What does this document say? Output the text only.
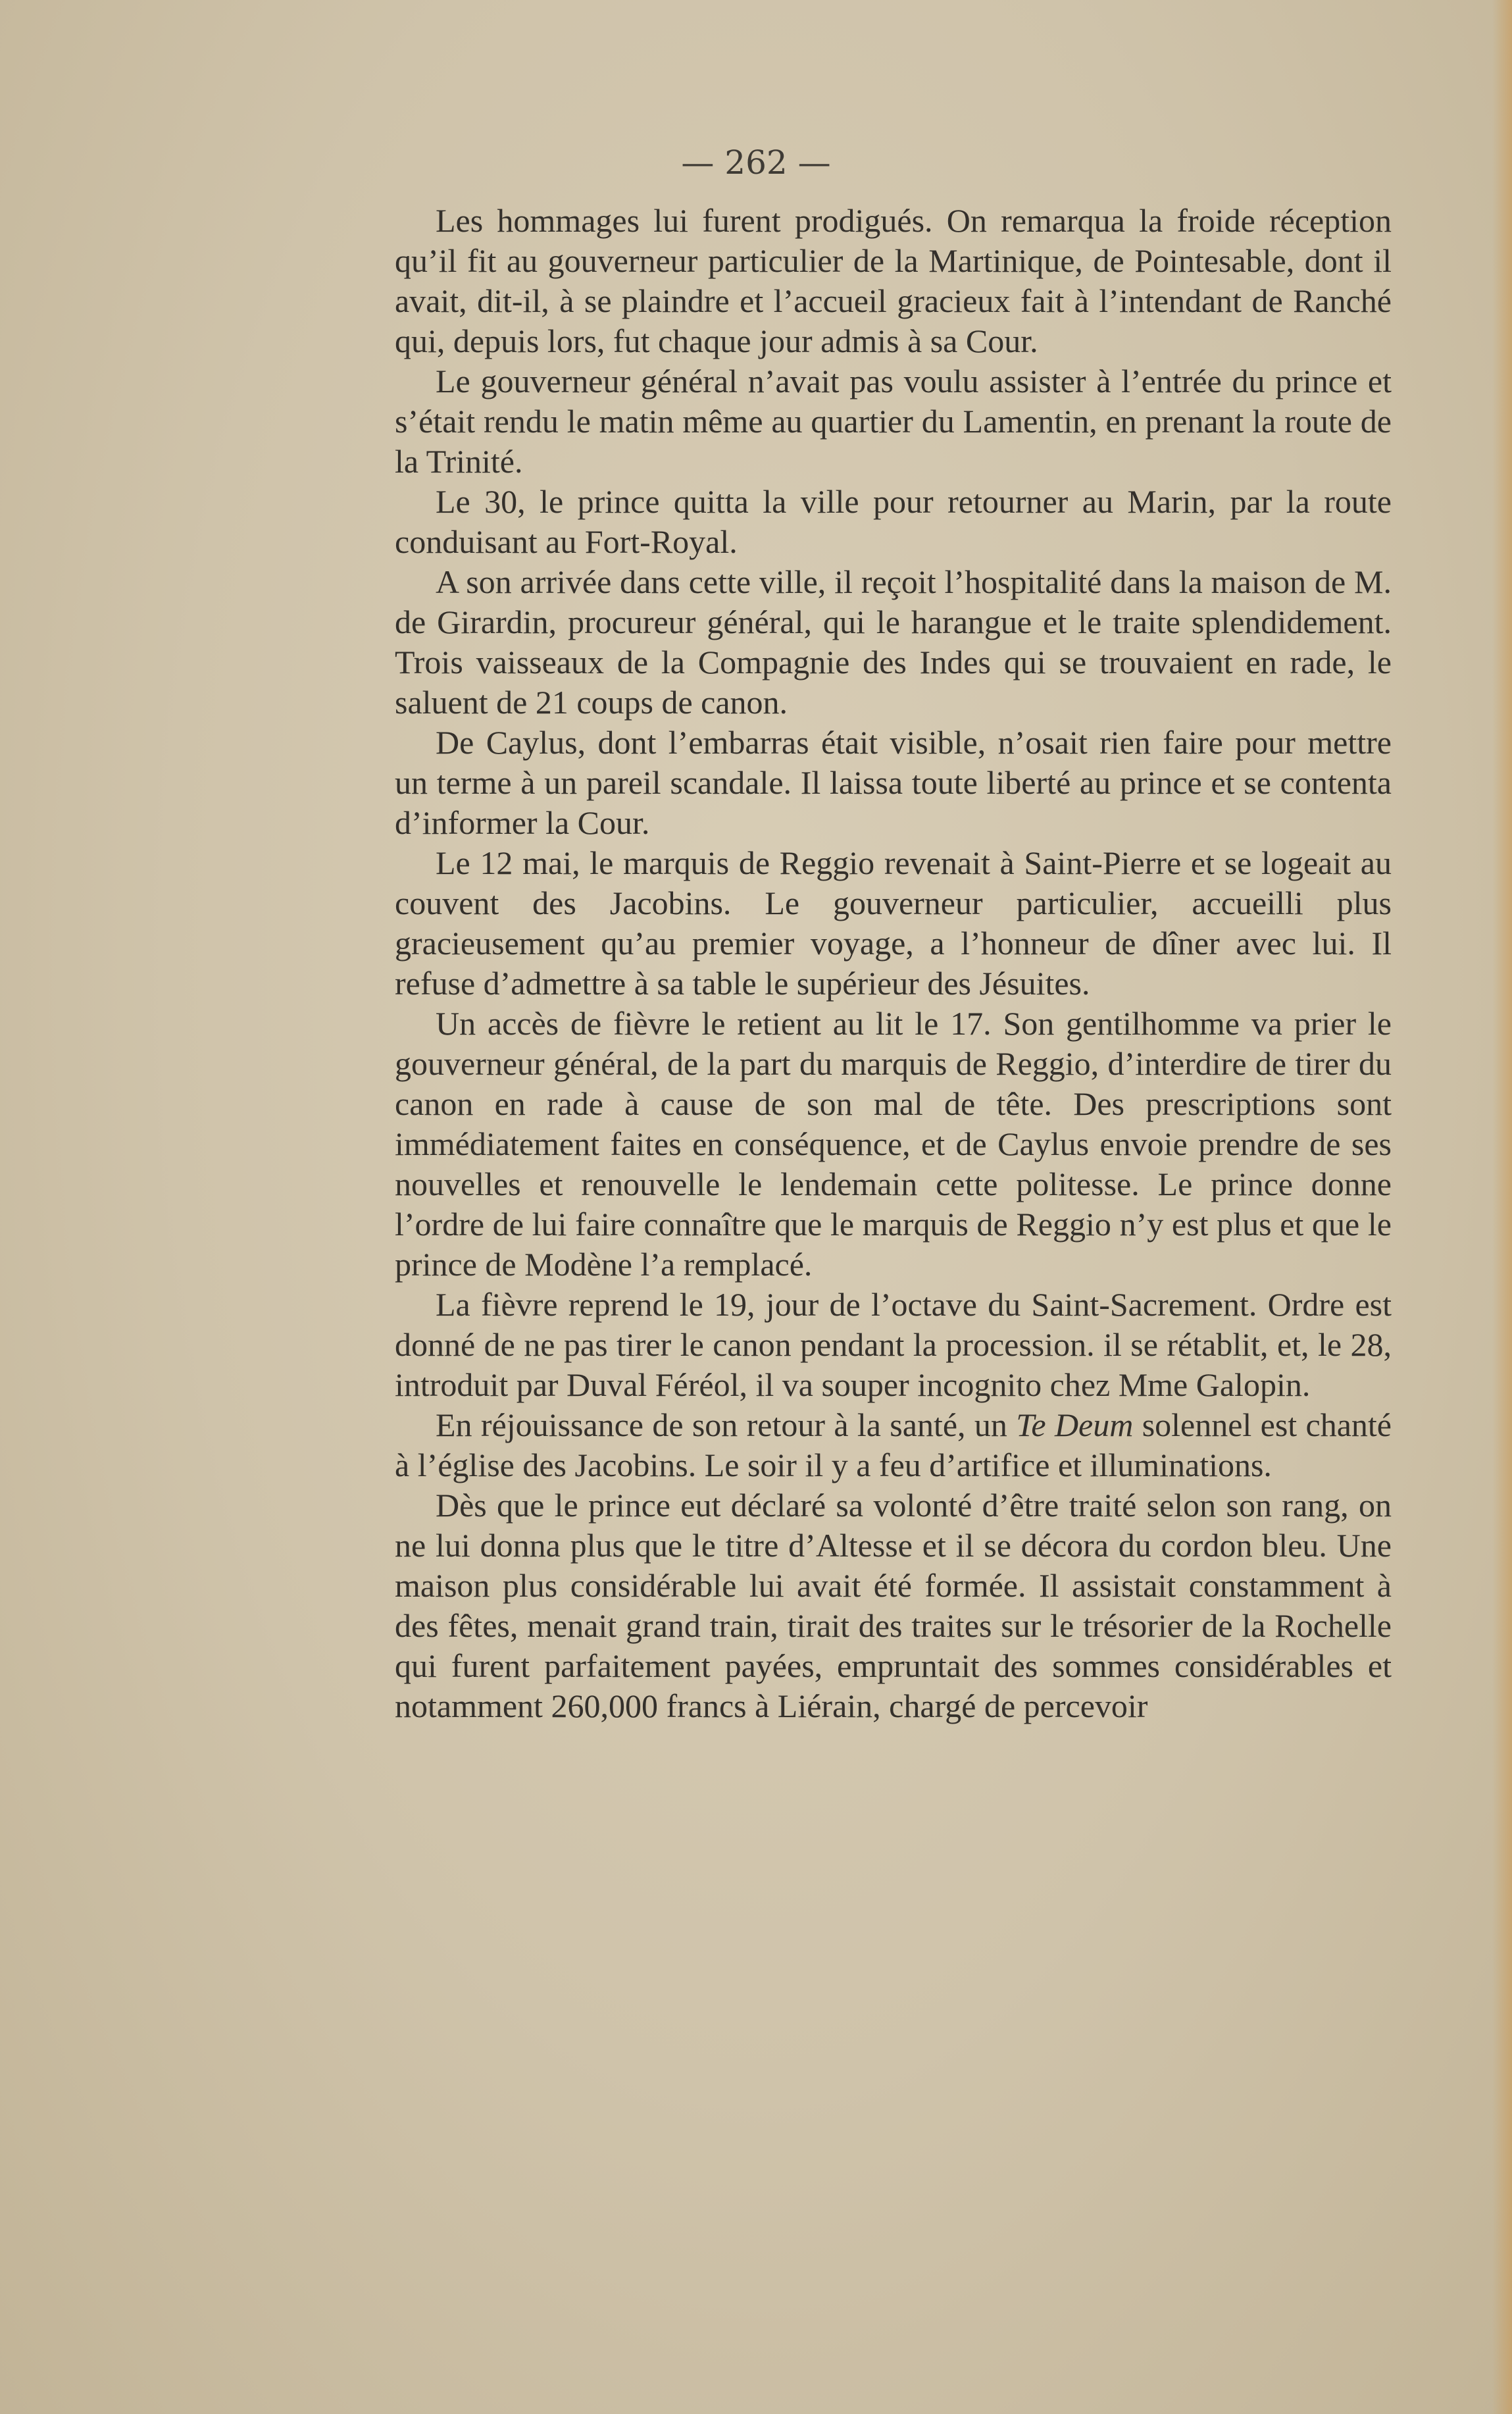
— 262 —

Les hommages lui furent prodigués. On remarqua la froide réception qu’il fit au gouverneur particulier de la Martinique, de Pointesable, dont il avait, dit-il, à se plaindre et l’accueil gracieux fait à l’intendant de Ranché qui, depuis lors, fut chaque jour admis à sa Cour.

Le gouverneur général n’avait pas voulu assister à l’entrée du prince et s’était rendu le matin même au quartier du Lamentin, en prenant la route de la Trinité.

Le 30, le prince quitta la ville pour retourner au Marin, par la route conduisant au Fort-Royal.

A son arrivée dans cette ville, il reçoit l’hospitalité dans la maison de M. de Girardin, procureur général, qui le harangue et le traite splendidement. Trois vaisseaux de la Compagnie des Indes qui se trouvaient en rade, le saluent de 21 coups de canon.

De Caylus, dont l’embarras était visible, n’osait rien faire pour mettre un terme à un pareil scandale. Il laissa toute liberté au prince et se contenta d’informer la Cour.

Le 12 mai, le marquis de Reggio revenait à Saint-Pierre et se logeait au couvent des Jacobins. Le gouverneur particulier, accueilli plus gracieusement qu’au premier voyage, a l’honneur de dîner avec lui. Il refuse d’admettre à sa table le supérieur des Jésuites.

Un accès de fièvre le retient au lit le 17. Son gentilhomme va prier le gouverneur général, de la part du marquis de Reggio, d’interdire de tirer du canon en rade à cause de son mal de tête. Des prescriptions sont immédiatement faites en conséquence, et de Caylus envoie prendre de ses nouvelles et renouvelle le lendemain cette politesse. Le prince donne l’ordre de lui faire connaître que le marquis de Reggio n’y est plus et que le prince de Modène l’a remplacé.

La fièvre reprend le 19, jour de l’octave du Saint-Sacrement. Ordre est donné de ne pas tirer le canon pendant la procession. il se rétablit, et, le 28, introduit par Duval Féréol, il va souper incognito chez Mme Galopin.

En réjouissance de son retour à la santé, un Te Deum solennel est chanté à l’église des Jacobins. Le soir il y a feu d’artifice et illuminations.

Dès que le prince eut déclaré sa volonté d’être traité selon son rang, on ne lui donna plus que le titre d’Altesse et il se décora du cordon bleu. Une maison plus considérable lui avait été formée. Il assistait constamment à des fêtes, menait grand train, tirait des traites sur le trésorier de la Rochelle qui furent parfaitement payées, empruntait des sommes considérables et notamment 260,000 francs à Liérain, chargé de percevoir
